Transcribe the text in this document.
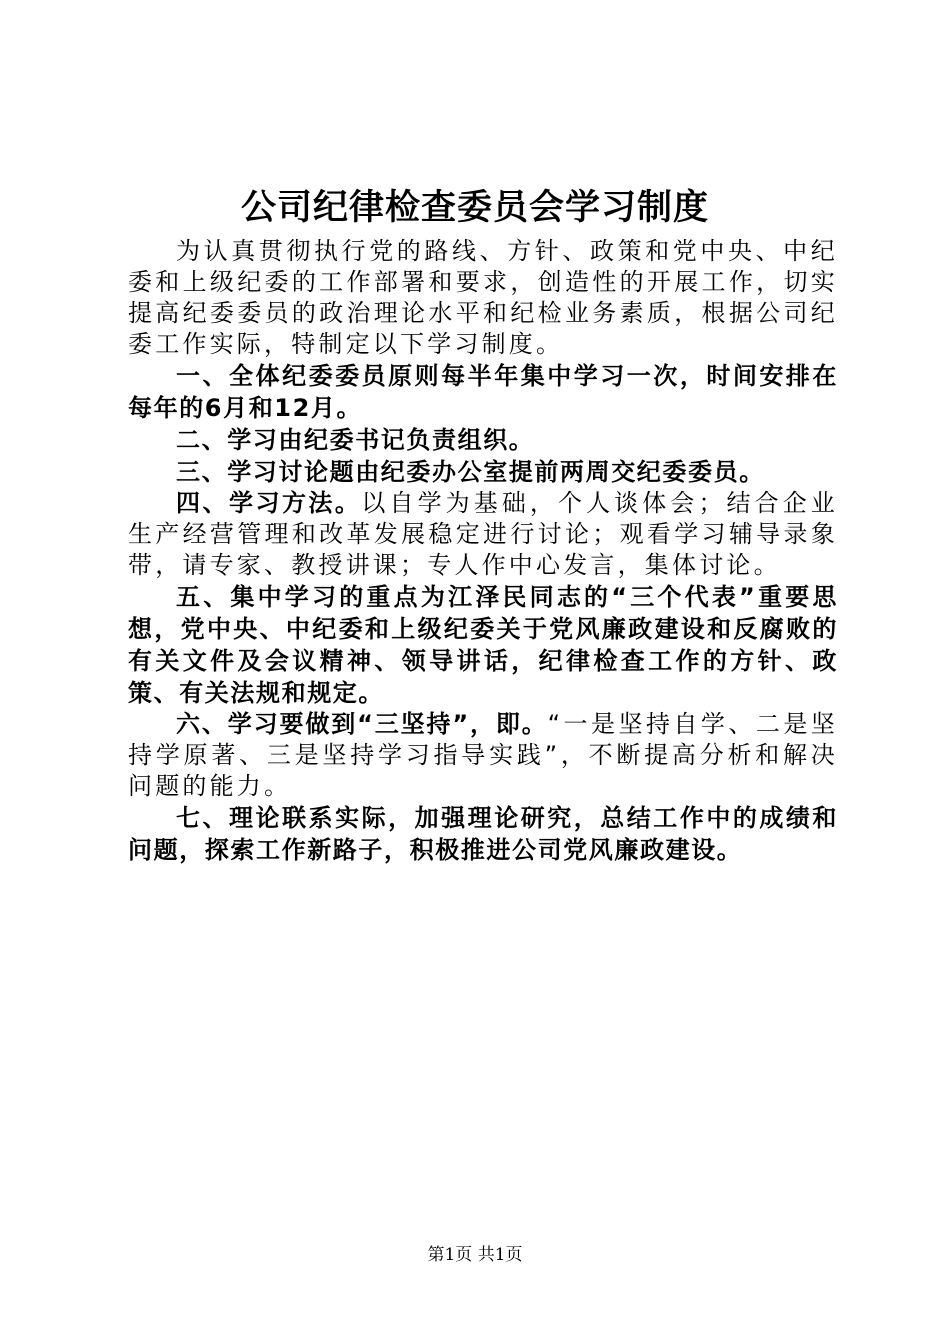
公司纪律检查委员会学习制度

为认真贯彻执行党的路线、方针、政策和党中央、中纪委和上级纪委的工作部署和要求，创造性的开展工作，切实提高纪委委员的政治理论水平和纪检业务素质，根据公司纪委工作实际，特制定以下学习制度。

一、全体纪委委员原则每半年集中学习一次，时间安排在每年的6月和12月。

二、学习由纪委书记负责组织。

三、学习讨论题由纪委办公室提前两周交纪委委员。

四、学习方法。以自学为基础，个人谈体会；结合企业生产经营管理和改革发展稳定进行讨论；观看学习辅导录象带，请专家、教授讲课；专人作中心发言，集体讨论。

五、集中学习的重点为江泽民同志的“三个代表”重要思想，党中央、中纪委和上级纪委关于党风廉政建设和反腐败的有关文件及会议精神、领导讲话，纪律检查工作的方针、政策、有关法规和规定。

六、学习要做到“三坚持”，即。“一是坚持自学、二是坚持学原著、三是坚持学习指导实践”，不断提高分析和解决问题的能力。

七、理论联系实际，加强理论研究，总结工作中的成绩和问题，探索工作新路子，积极推进公司党风廉政建设。

第1页 共1页
